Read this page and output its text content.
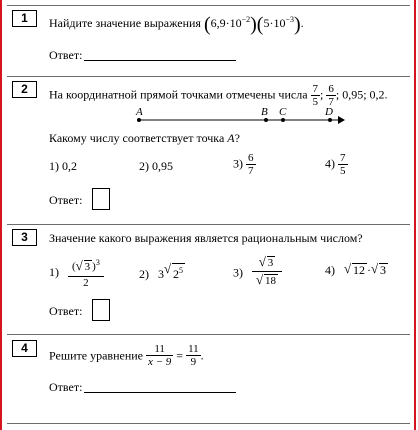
1	Найдите значение выражения $(6,9\cdot 10^{-2})(5\cdot 10^{-3})$.
Ответ:
2	На координатной прямой точками отмечены числа $\frac{7}{5}$ ; $\frac{6}{7}$ ; 0,95; 0,2.
A	B C	D
Какому числу соответствует точка A?
1) 0,2	2) 0,95	$3) \frac{6}{7}$	$4) \frac{7}{5}$
Ответ:
3	Значение какого выражения является рациональным числом?
$1) \frac{( √ 3 )^3}{2}$	2) 3 √ $2^5$	3) √ 3
√ 18	4) √ 12 · √ 3
Ответ:
4
Решите уравнение $\frac{11}{x - 9} = \frac{11}{9}$ .
Ответ:
